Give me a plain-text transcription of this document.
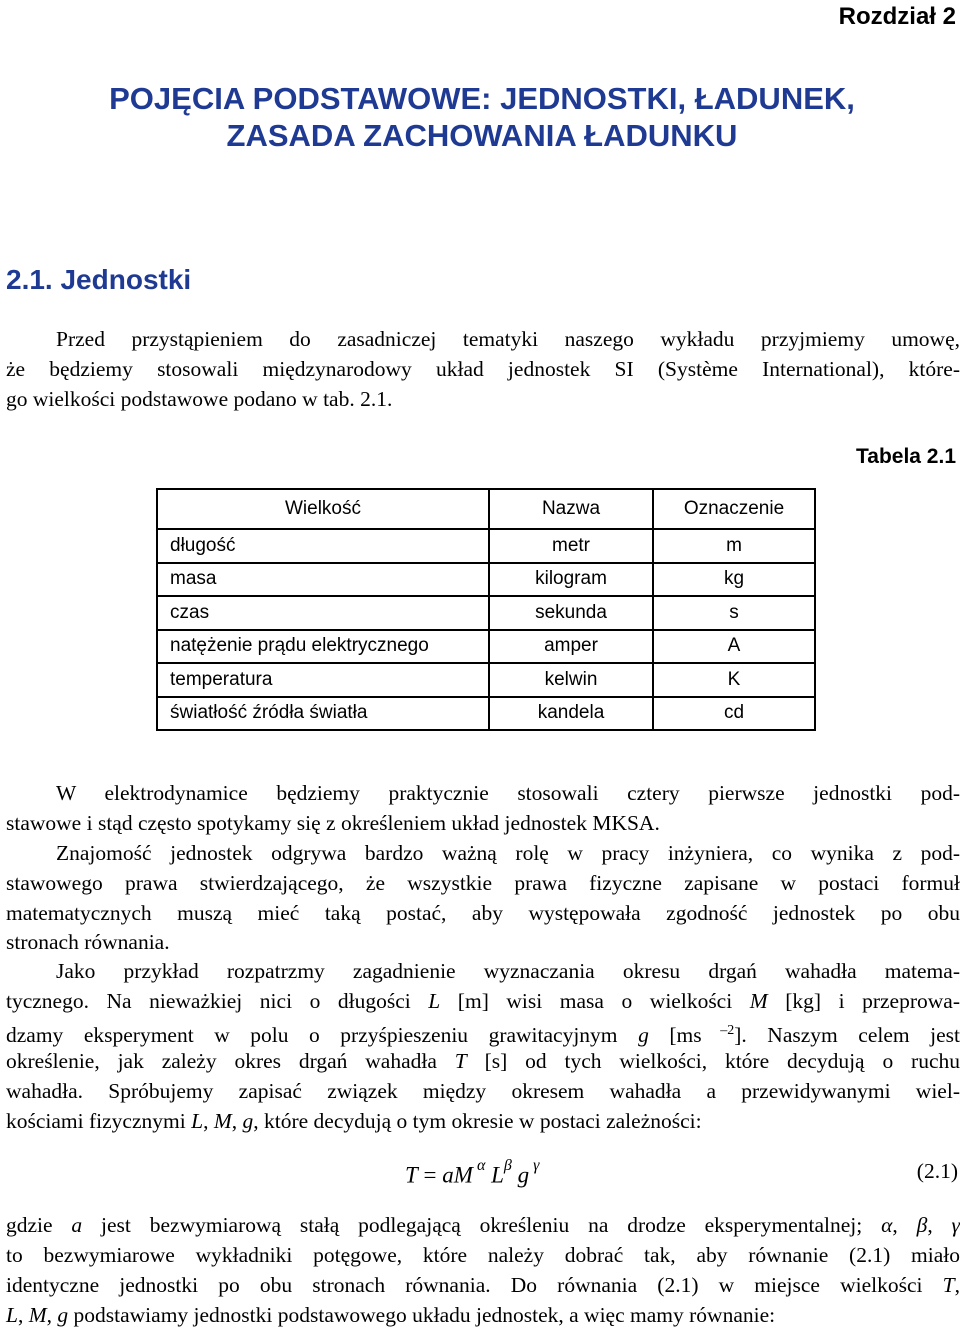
Rozdział 2
POJĘCIA PODSTAWOWE: JEDNOSTKI, ŁADUNEK,
ZASADA ZACHOWANIA ŁADUNKU
2.1. Jednostki
Przed przystąpieniem do zasadniczej tematyki naszego wykładu przyjmiemy umowę,
że będziemy stosowali międzynarodowy układ jednostek SI (Système International), które-
go wielkości podstawowe podano w tab. 2.1.
Tabela 2.1
Wielkość	Nazwa	Oznaczenie
długość	metr	m
masa	kilogram	kg
czas	sekunda	s
natężenie prądu elektrycznego	amper	A
temperatura	kelwin	K
światłość źródła światła	kandela	cd
W elektrodynamice będziemy praktycznie stosowali cztery pierwsze jednostki pod-
stawowe i stąd często spotykamy się z określeniem układ jednostek MKSA.
Znajomość jednostek odgrywa bardzo ważną rolę w pracy inżyniera, co wynika z pod-
stawowego prawa stwierdzającego, że wszystkie prawa fizyczne zapisane w postaci formuł
matematycznych muszą mieć taką postać, aby występowała zgodność jednostek po obu
stronach równania.
Jako przykład rozpatrzmy zagadnienie wyznaczania okresu drgań wahadła matema-
tycznego. Na nieważkiej nici o długości L [m] wisi masa o wielkości M [kg] i przeprowa-
dzamy eksperyment w polu o przyśpieszeniu grawitacyjnym g [ms $^{-2}$]. Naszym celem jest
określenie, jak zależy okres drgań wahadła T [s] od tych wielkości, które decydują o ruchu
wahadła. Spróbujemy zapisać związek między okresem wahadła a przewidywanymi wiel-
kościami fizycznymi L, M, g, które decydują o tym okresie w postaci zależności:
T = aM $^\alpha$ $L^\beta$ g $^\gamma$	(2.1)
gdzie a jest bezwymiarową stałą podlegającą określeniu na drodze eksperymentalnej; α, β, γ
to bezwymiarowe wykładniki potęgowe, które należy dobrać tak, aby równanie (2.1) miało
identyczne jednostki po obu stronach równania. Do równania (2.1) w miejsce wielkości T,
L, M, g podstawiamy jednostki podstawowego układu jednostek, a więc mamy równanie:
